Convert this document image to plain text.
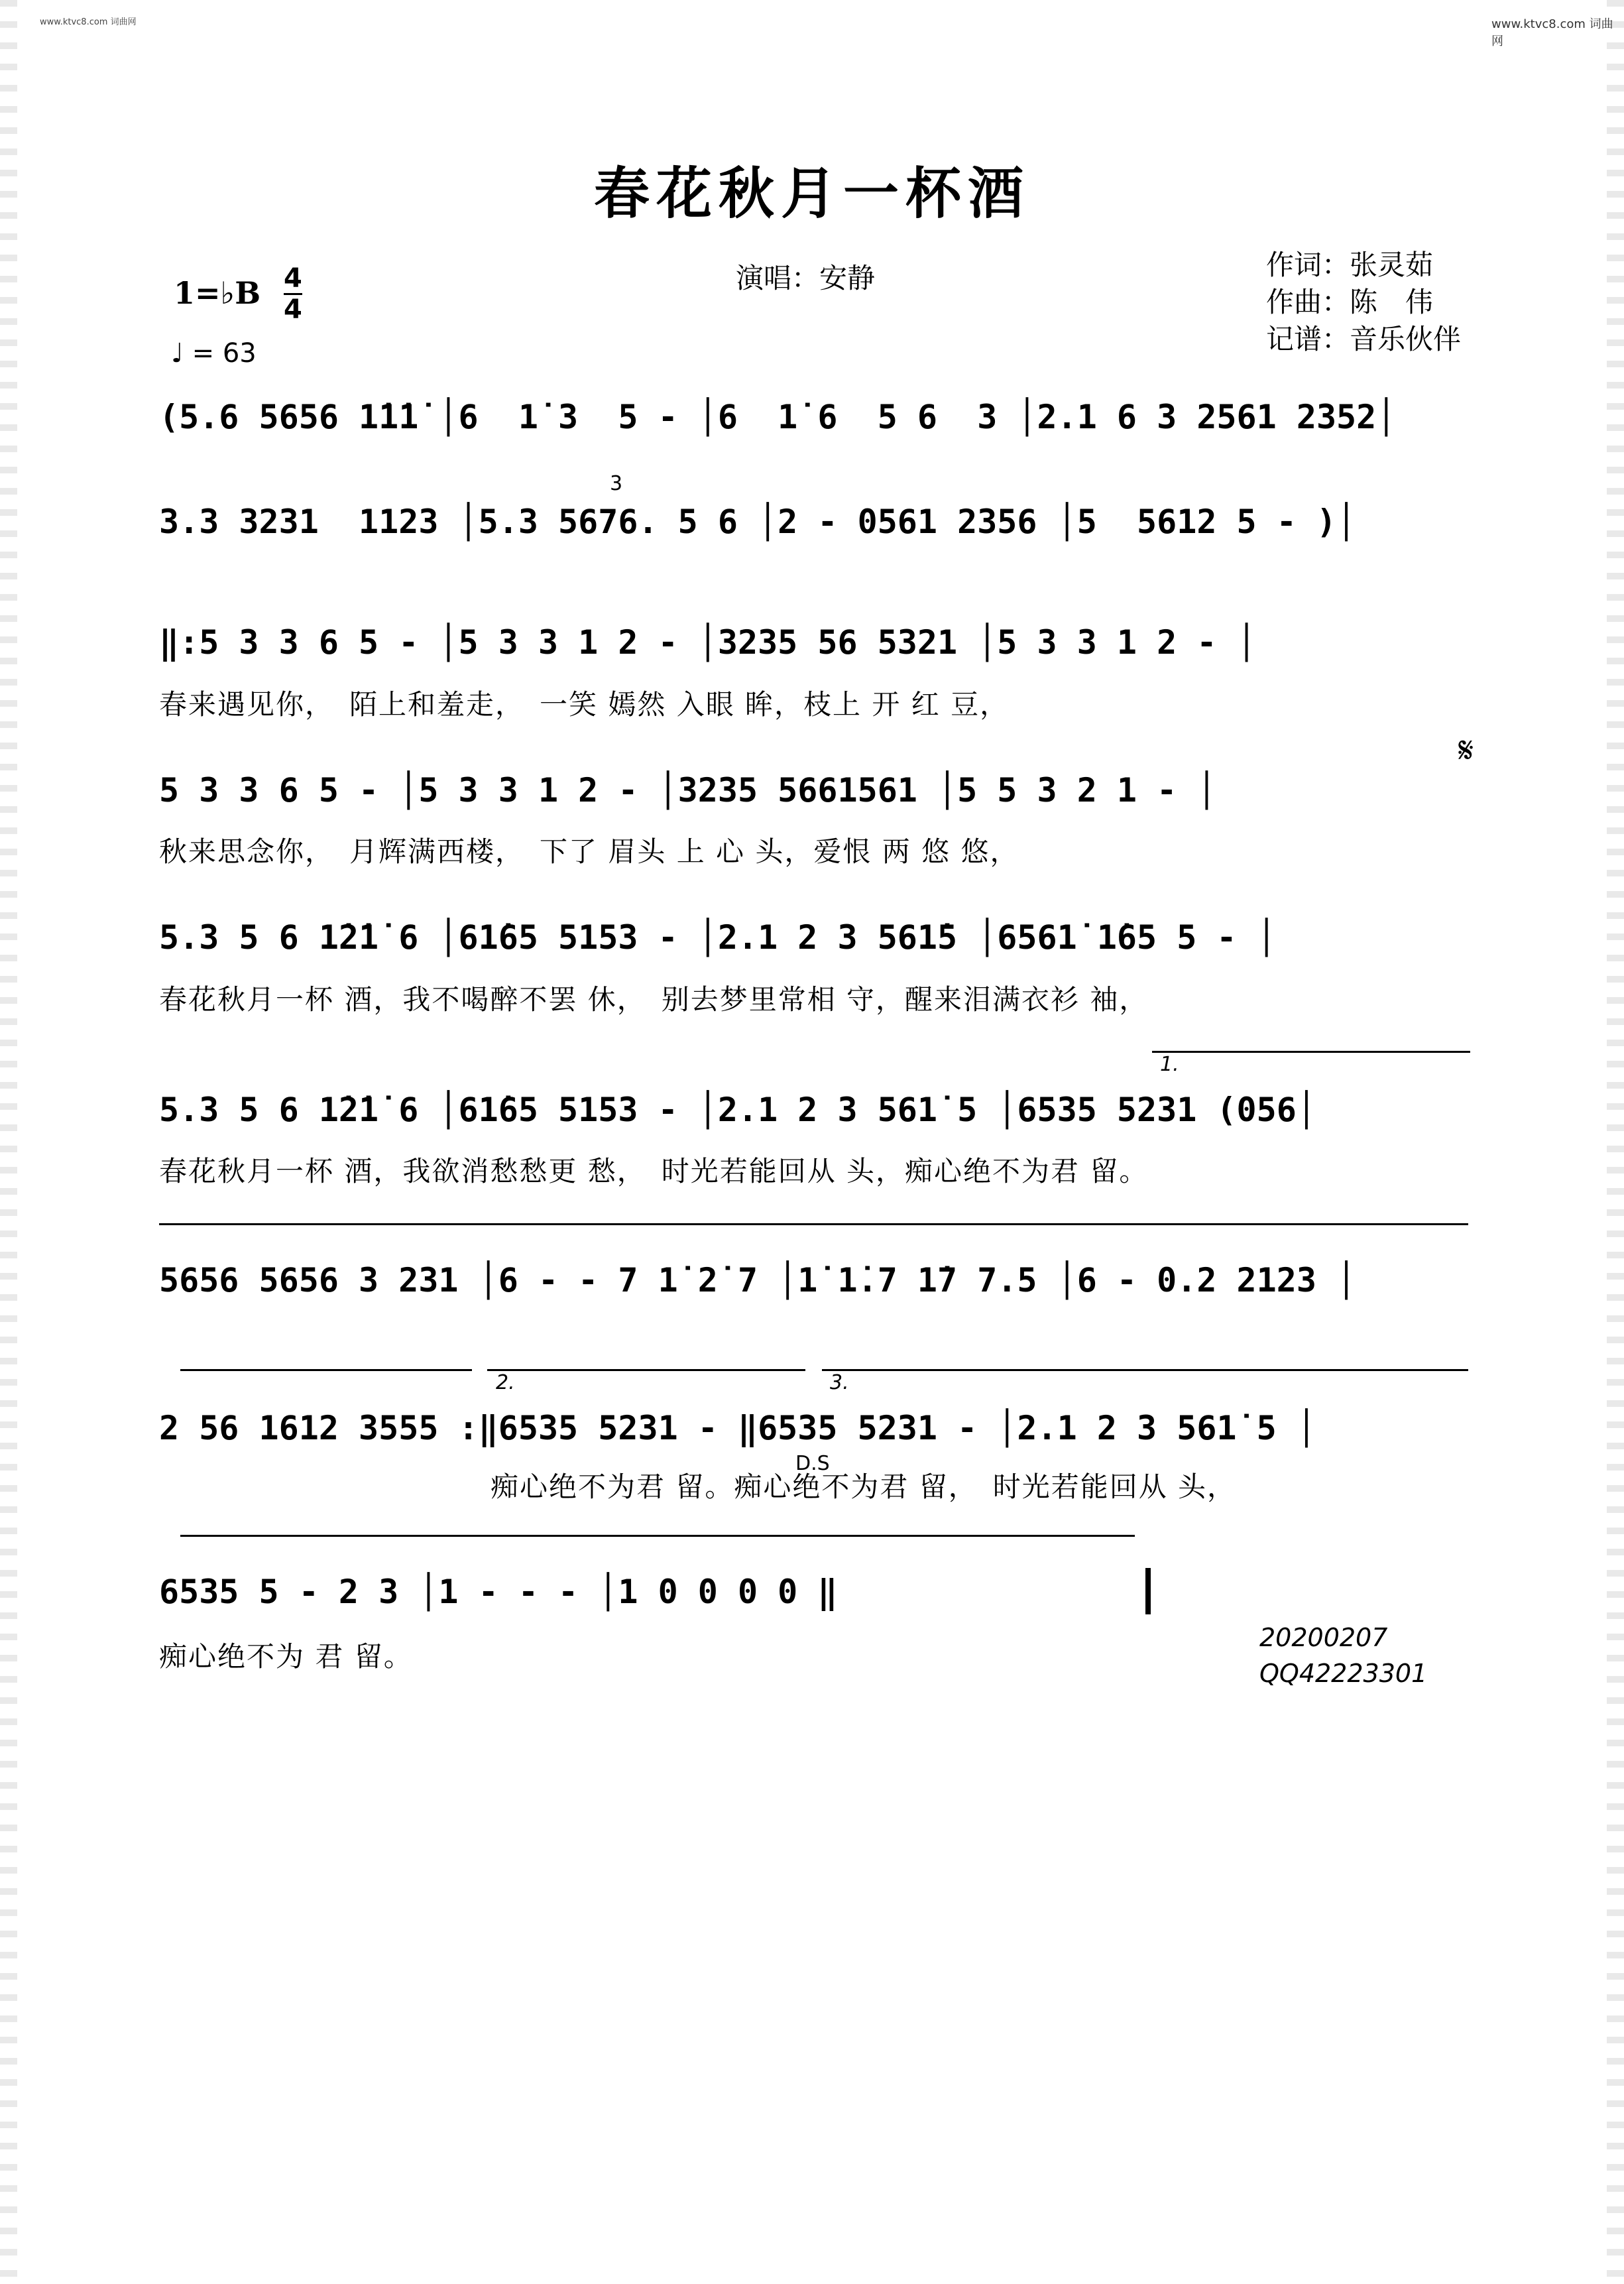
www.ktvc8.com 词曲网	www.ktvc8.com 词曲网
春花秋月一杯酒
1=♭B 4
4
♩ = 63
演唱：安静	作词：张灵茹
作曲：陈　伟
记谱：音乐伙伴
(5.6 5656 1̇1̇1̇ │6  1̇ 3  5 - │6  1̇ 6  5 6  3 │2.1 6 3 2561 2352│
3.3 3231  1123 │5.3 5676. 5 6 │2 - 0561 2356 │5  5612 5 - )│
3
‖:5 3 3 6 5 - │5 3 3 1 2 - │3235 56 5321 │5 3 3 1 2 - │
春来遇见你，　陌上和羞走，　一笑 嫣然 入眼 眸，枝上 开 红 豆，
5 3 3 6 5 - │5 3 3 1 2 - │3235 5661561 │5 5 3 2 1 - │
𝄋
秋来思念你，　月辉满西楼，　下了 眉头 上 心 头，爱恨 两 悠 悠，
5.3 5 6 1̇2̇1̇ 6 │61̇65 5153 - │2.1 2 3 561̇5 │6561̇ 1̇65 5 - │
春花秋月一杯 酒，我不喝醉不罢 休，　别去梦里常相 守，醒来泪满衣衫 袖，
1.
5.3 5 6 1̇2̇1̇ 6 │61̇65 5153 - │2.1 2 3 561̇ 5 │6535 5231 (056│
春花秋月一杯 酒，我欲消愁愁更 愁，　时光若能回从 头，痴心绝不为君 留。
5656 5656 3 231 │6 - - 7 1̇ 2̇ 7 │1̇ 1̇.7 1̇7 7.5 │6 - 0.2 2123 │
2.	3.
2 56 1612 3555 :‖6535 5231 - ‖6535 5231 - │2.1 2 3 561̇ 5 │
D.S
痴心绝不为君 留。痴心绝不为君 留，　时光若能回从 头，
6535 5 - 2 3 │1 - - - │1 0 0 0 0 ‖
痴心绝不为 君 留。
20200207
QQ42223301
